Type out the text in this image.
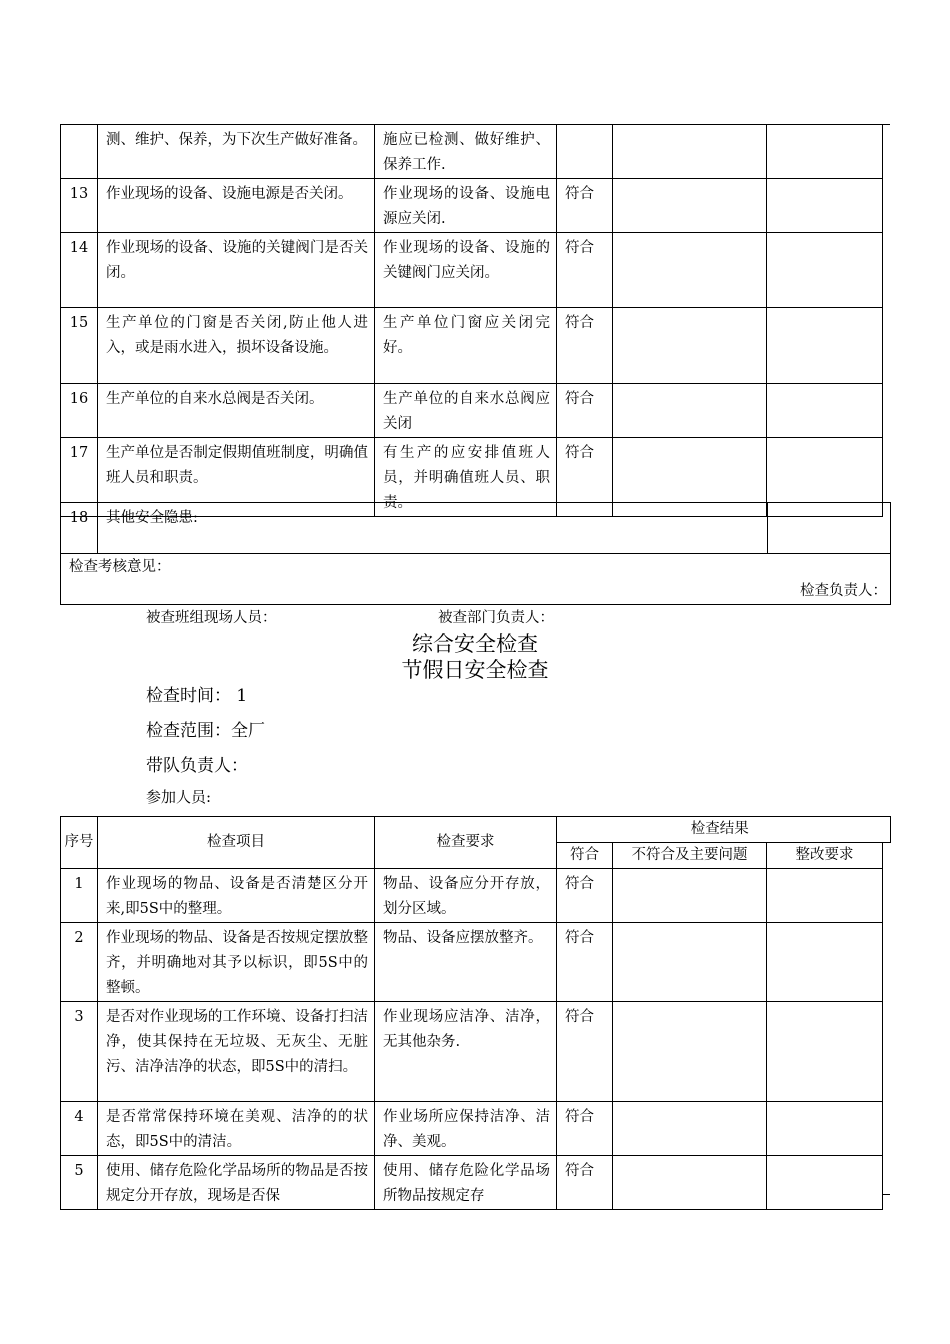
	测、维护、保养，为下次生产做好准备。	施应已检测、做好维护、保养工作.			
13	作业现场的设备、设施电源是否关闭。	作业现场的设备、设施电源应关闭.	符合		
14	作业现场的设备、设施的关键阀门是否关闭。	作业现场的设备、设施的关键阀门应关闭。	符合		
15	生产单位的门窗是否关闭,防止他人进入，或是雨水进入，损坏设备设施。	生产单位门窗应关闭完好。	符合		
16	生产单位的自来水总阀是否关闭。	生产单位的自来水总阀应关闭	符合		
17	生产单位是否制定假期值班制度，明确值班人员和职责。	有生产的应安排值班人员，并明确值班人员、职责。	符合		
18	其他安全隐患:	

检查考核意见：
检查负责人：
被查班组现场人员：	被查部门负责人：
综合安全检查
节假日安全检查
检查时间： 1
检查范围：全厂
带队负责人：
参加人员:
序号	检查项目	检查要求	检查结果		
			符合	不符合及主要问题	整改要求
1	作业现场的物品、设备是否清楚区分开来,即5S中的整理。	物品、设备应分开存放，划分区域。	符合		
2	作业现场的物品、设备是否按规定摆放整齐，并明确地对其予以标识，即5S中的整顿。	物品、设备应摆放整齐。	符合		
3	是否对作业现场的工作环境、设备打扫洁净，使其保持在无垃圾、无灰尘、无脏污、洁净洁净的状态，即5S中的清扫。	作业现场应洁净、洁净，无其他杂务.	符合		
4	是否常常保持环境在美观、洁净的的状态，即5S中的清洁。	作业场所应保持洁净、洁净、美观。	符合		
5	使用、储存危险化学品场所的物品是否按规定分开存放，现场是否保	使用、储存危险化学品场所物品按规定存	符合		
